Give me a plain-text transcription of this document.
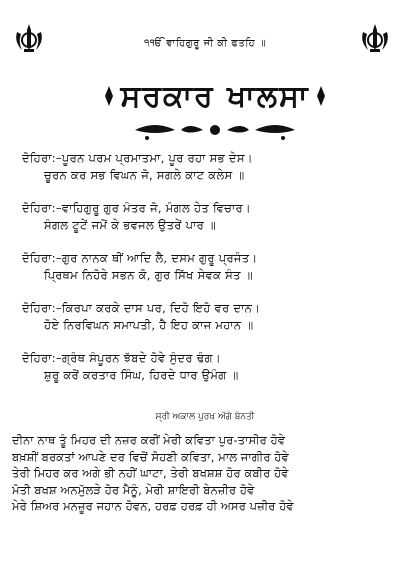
੧ੴ ਵਾਹਿਗੁਰੂ ਜੀ ਕੀ ਫਤਹਿ ॥
ਸਰਕਾਰ ਖਾਲਸਾ
ਦੋਹਿਰਾ:–ਪੂਰਨ ਪਰਮ ਪ੍ਰਮਾਤਮਾ, ਪੂਰ ਰਹਾ ਸਭ ਦੇਸ।
ਚੂਰਨ ਕਰ ਸਭ ਵਿਘਨ ਜੋ, ਸਗਲੇ ਕਾਟ ਕਲੇਸ ॥
ਦੋਹਿਰਾ:–ਵਾਹਿਗੁਰੂ ਗੁਰ ਮੰਤਰ ਜੋ, ਮੰਗਲ ਹੇਤ ਵਿਚਾਰ।
ਸੰਗਲ ਟੂਟੇਂ ਜਮੋਂ ਕੇ ਭਵਜਲ ਉਤਰੇਂ ਪਾਰ ॥
ਦੋਹਿਰਾ:–ਗੁਰ ਨਾਨਕ ਥੀਂ ਆਦਿ ਲੈ, ਦਸਮ ਗੁਰੂ ਪ੍ਰਜੰਤ।
ਪ੍ਰਿਥਮ ਨਿਹੋਰੇ ਸਭਨ ਕੋ, ਗੁਰ ਸਿੱਖ ਸੇਵਕ ਸੰਤ ॥
ਦੋਹਿਰਾ:–ਕਿਰਪਾ ਕਰਕੇ ਦਾਸ ਪਰ, ਦਿਹੋ ਇਹੋ ਵਰ ਦਾਨ।
ਹੋਏ ਨਿਰਵਿਘਨ ਸਮਾਪਤੀ, ਹੈ ਇਹ ਕਾਜ ਮਹਾਨ ॥
ਦੋਹਿਰਾ:–ਗ੍ਰੰਥ ਸੰਪੂਰਨ ਝੱਬਦੇ ਹੋਵੇ ਸੁੰਦਰ ਢੰਗ।
ਸ਼ੁਰੂ ਕਰੋਂ ਕਰਤਾਰ ਸਿੰਘ, ਹਿਰਦੇ ਧਾਰ ਉਮੰਗ ॥
ਸ੍ਰੀ ਅਕਾਲ ਪੁਰਖ ਅੱਗੇ ਬੇਨਤੀ
ਦੀਨਾ ਨਾਥ ਤੂੰ ਮਿਹਰ ਦੀ ਨਜ਼ਰ ਕਰੀਂ ਮੇਰੀ ਕਵਿਤਾ ਪੁਰ-ਤਾਸੀਰ ਹੋਵੇ
ਬਖ਼ਸ਼ੀਂ ਬਰਕਤਾਂ ਆਪਣੇ ਦਰ ਵਿਚੋਂ ਸੋਹਣੀ ਕਵਿਤਾ, ਮਾਲ ਜਾਗੀਰ ਹੋਵੇ
ਤੇਰੀ ਮਿਹਰ ਕਰ ਅਗੇ ਭੀ ਨਹੀਂ ਘਾਟਾ, ਤੇਰੀ ਬਖਸ਼ਸ਼ ਹੋਰ ਕਬੀਰ ਹੋਵੇ
ਮੋਤੀ ਬਖਸ਼ ਅਨਮੁੱਲੜੇ ਹੋਰ ਮੈਨੂੰ, ਮੇਰੀ ਸ਼ਾਇਰੀ ਬੇਨਜ਼ੀਰ ਹੋਵੇ
ਮੇਰੇ ਸ਼ਿਅਰ ਮਨਜ਼ੂਰ ਜਹਾਨ ਹੋਵਨ, ਹਰਫ਼ ਹਰਫ਼ ਹੀ ਅਸਰ ਪਜ਼ੀਰ ਹੋਵੇ
